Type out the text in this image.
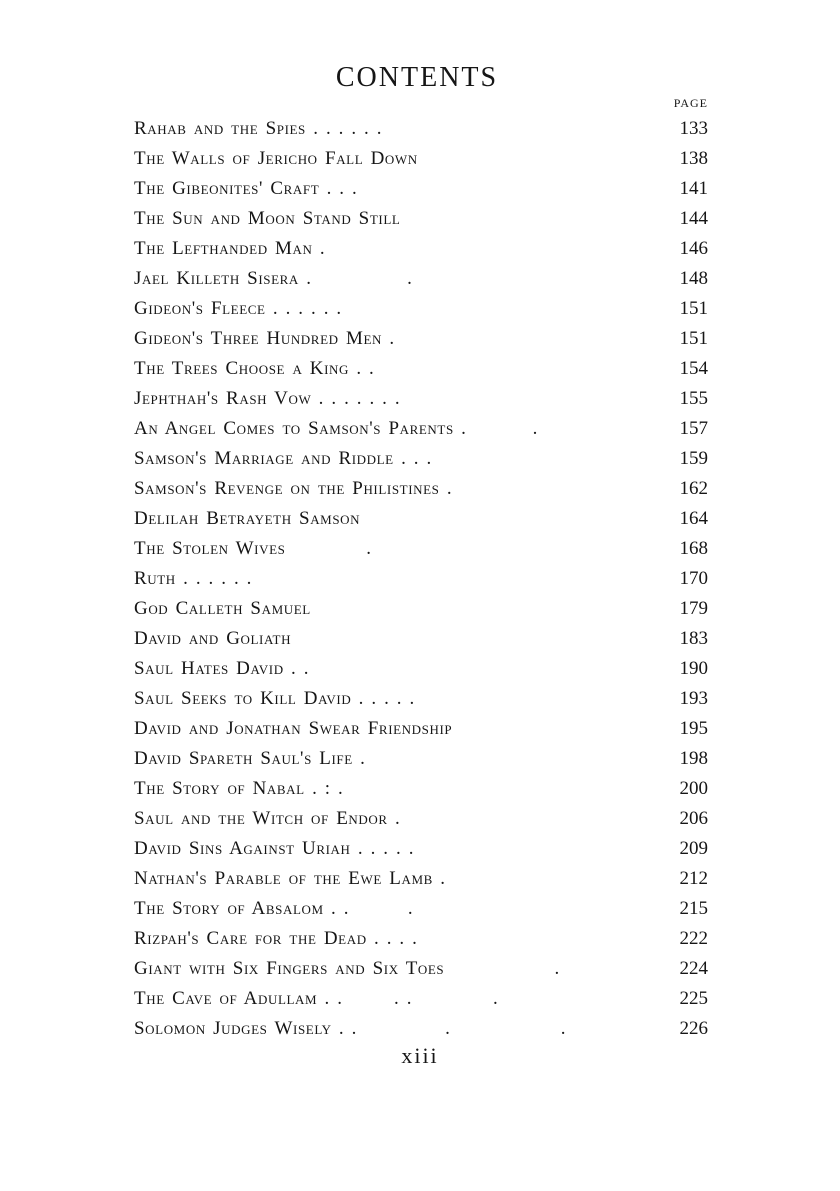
CONTENTS
PAGE
Rahab and the Spies . . . . . .	133
The Walls of Jericho Fall Down	138
The Gibeonites' Craft . . .	141
The Sun and Moon Stand Still	144
The Lefthanded Man .	146
Jael Killeth Sisera .             .	148
Gideon's Fleece . . . . . .	151
Gideon's Three Hundred Men .	151
The Trees Choose a King . .	154
Jephthah's Rash Vow . . . . . . .	155
An Angel Comes to Samson's Parents .         .	157
Samson's Marriage and Riddle . . .	159
Samson's Revenge on the Philistines .	162
Delilah Betrayeth Samson	164
The Stolen Wives           .	168
Ruth . . . . . .	170
God Calleth Samuel	179
David and Goliath	183
Saul Hates David . .	190
Saul Seeks to Kill David . . . . .	193
David and Jonathan Swear Friendship	195
David Spareth Saul's Life .	198
The Story of Nabal . : .	200
Saul and the Witch of Endor .	206
David Sins Against Uriah . . . . .	209
Nathan's Parable of the Ewe Lamb .	212
The Story of Absalom . .        .	215
Rizpah's Care for the Dead . . . .	222
Giant with Six Fingers and Six Toes               .	224
The Cave of Adullam . .       . .           .	225
Solomon Judges Wisely . .            .               .	226
xiii
